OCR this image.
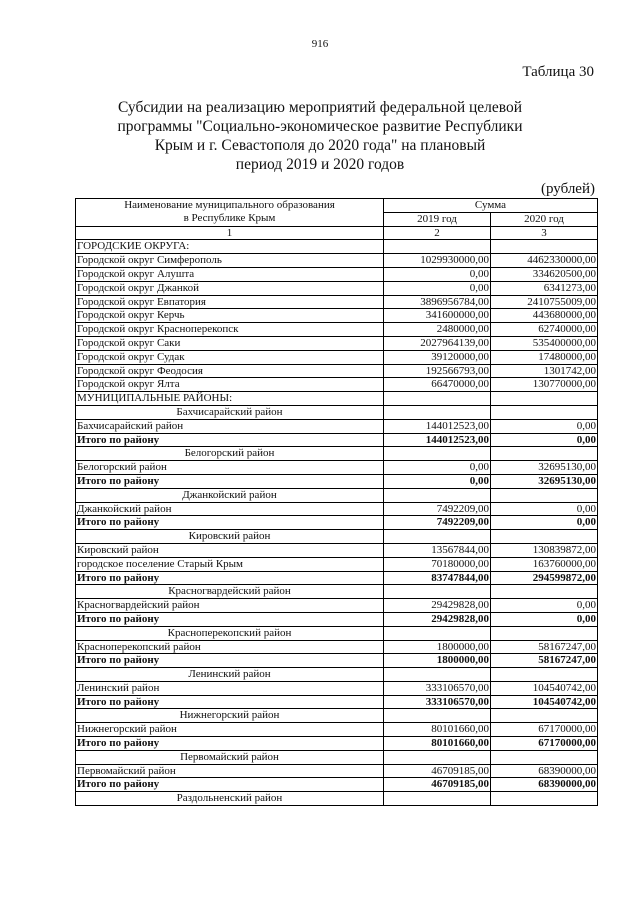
916
Таблица 30
Субсидии на реализацию мероприятий федеральной целевой
программы "Социально-экономическое развитие Республики
Крым и г. Севастополя до 2020 года" на плановый
период 2019 и 2020 годов
(рублей)
Наименование муниципального образования
в Республике Крым	Сумма	
	2019 год	2020 год
1	2	3
ГОРОДСКИЕ ОКРУГА:		
Городской округ Симферополь	1029930000,00	4462330000,00
Городской округ Алушта	0,00	334620500,00
Городской округ Джанкой	0,00	6341273,00
Городской округ Евпатория	3896956784,00	2410755009,00
Городской округ Керчь	341600000,00	443680000,00
Городской округ Красноперекопск	2480000,00	62740000,00
Городской округ Саки	2027964139,00	535400000,00
Городской округ Судак	39120000,00	17480000,00
Городской округ Феодосия	192566793,00	1301742,00
Городской округ Ялта	66470000,00	130770000,00
МУНИЦИПАЛЬНЫЕ РАЙОНЫ:		
Бахчисарайский район		
Бахчисарайский район	144012523,00	0,00
Итого по району	144012523,00	0,00
Белогорский район		
Белогорский район	0,00	32695130,00
Итого по району	0,00	32695130,00
Джанкойский район		
Джанкойский район	7492209,00	0,00
Итого по району	7492209,00	0,00
Кировский район		
Кировский район	13567844,00	130839872,00
городское поселение Старый Крым	70180000,00	163760000,00
Итого по району	83747844,00	294599872,00
Красногвардейский район		
Красногвардейский район	29429828,00	0,00
Итого по району	29429828,00	0,00
Красноперекопский район		
Красноперекопский район	1800000,00	58167247,00
Итого по району	1800000,00	58167247,00
Ленинский район		
Ленинский район	333106570,00	104540742,00
Итого по району	333106570,00	104540742,00
Нижнегорский район		
Нижнегорский район	80101660,00	67170000,00
Итого по району	80101660,00	67170000,00
Первомайский район		
Первомайский район	46709185,00	68390000,00
Итого по району	46709185,00	68390000,00
Раздольненский район		
